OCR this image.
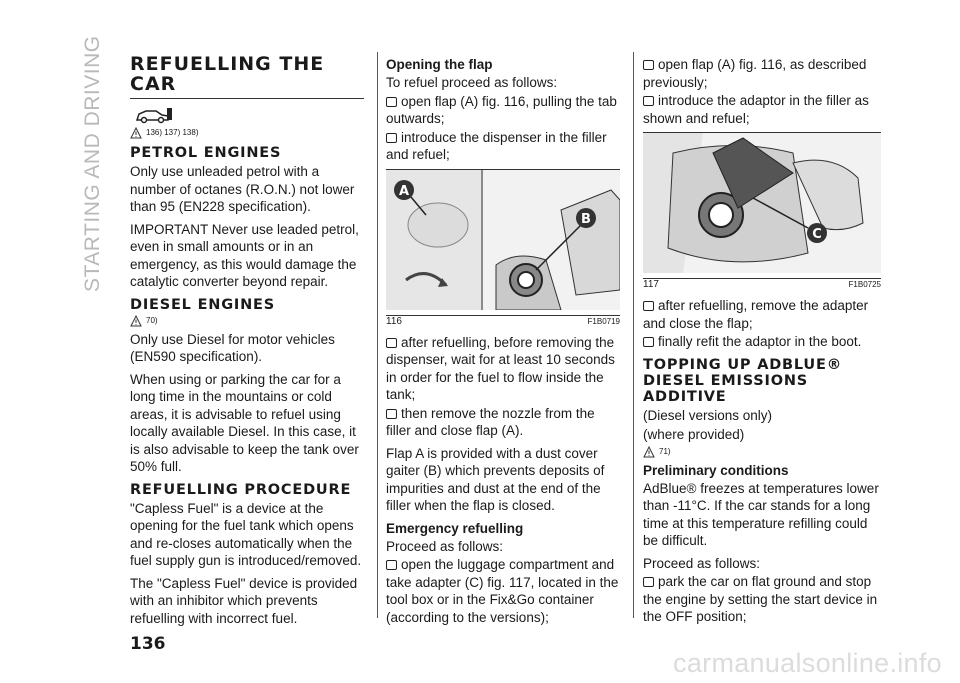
STARTING AND DRIVING REFUELLING THE CAR
136) 137) 138)
PETROL ENGINES

Only use unleaded petrol with a number of octanes (R.O.N.) not lower than 95 (EN228 specification).

IMPORTANT Never use leaded petrol, even in small amounts or in an emergency, as this would damage the catalytic converter beyond repair.

DIESEL ENGINES
70)

Only use Diesel for motor vehicles (EN590 specification).

When using or parking the car for a long time in the mountains or cold areas, it is advisable to refuel using locally available Diesel. In this case, it is also advisable to keep the tank over 50% full.

REFUELLING PROCEDURE

"Capless Fuel" is a device at the opening for the fuel tank which opens and re-closes automatically when the fuel supply gun is introduced/removed.

The "Capless Fuel" device is provided with an inhibitor which prevents refuelling with incorrect fuel.

Opening the flap

To refuel proceed as follows:

open flap (A) fig. 116, pulling the tab outwards;

introduce the dispenser in the filler and refuel;

A
B
116	F1B0719

after refuelling, before removing the dispenser, wait for at least 10 seconds in order for the fuel to flow inside the tank;

then remove the nozzle from the filler and close flap (A).

Flap A is provided with a dust cover gaiter (B) which prevents deposits of impurities and dust at the end of the filler when the flap is closed.

Emergency refuelling

Proceed as follows:

open the luggage compartment and take adapter (C) fig. 117, located in the tool box or in the Fix&Go container (according to the versions);

open flap (A) fig. 116, as described previously;

introduce the adaptor in the filler as shown and refuel;

C
117	F1B0725

after refuelling, remove the adapter and close the flap;

finally refit the adaptor in the boot.

TOPPING UP ADBLUE® DIESEL EMISSIONS ADDITIVE

(Diesel versions only)

(where provided)

71)
Preliminary conditions

AdBlue® freezes at temperatures lower than -11°C. If the car stands for a long time at this temperature refilling could be difficult.

Proceed as follows:

park the car on flat ground and stop the engine by setting the start device in the OFF position;

136
carmanualsonline.info
